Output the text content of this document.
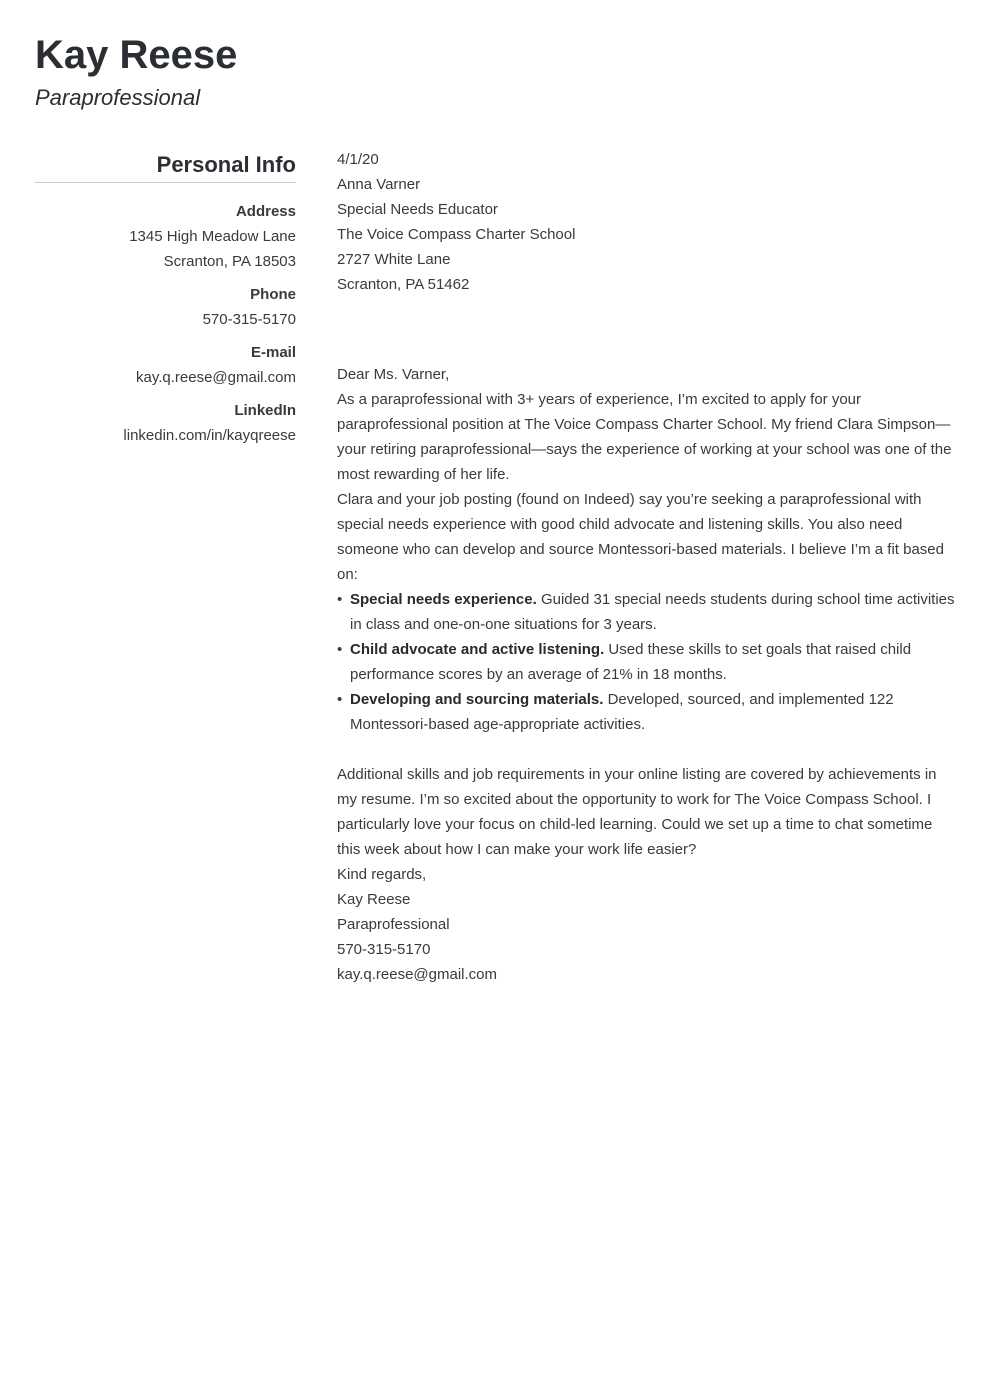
Kay Reese
Paraprofessional
Personal Info
Address
1345 High Meadow Lane
Scranton, PA 18503
Phone
570-315-5170
E-mail
kay.q.reese@gmail.com
LinkedIn
linkedin.com/in/kayqreese

4/1/20

Anna Varner

Special Needs Educator

The Voice Compass Charter School

2727 White Lane

Scranton, PA 51462

Dear Ms. Varner,

As a paraprofessional with 3+ years of experience, I’m excited to apply for your paraprofessional position at The Voice Compass Charter School. My friend Clara Simpson—your retiring paraprofessional—says the experience of working at your school was one of the most rewarding of her life.

Clara and your job posting (found on Indeed) say you’re seeking a paraprofessional with special needs experience with good child advocate and listening skills. You also need someone who can develop and source Montessori-based materials. I believe I’m a fit based on:

• Special needs experience. Guided 31 special needs students during school time activities in class and one-on-one situations for 3 years.
• Child advocate and active listening. Used these skills to set goals that raised child performance scores by an average of 21% in 18 months.
• Developing and sourcing materials. Developed, sourced, and implemented 122 Montessori-based age-appropriate activities.

Additional skills and job requirements in your online listing are covered by achievements in my resume. I’m so excited about the opportunity to work for The Voice Compass School. I particularly love your focus on child-led learning. Could we set up a time to chat sometime this week about how I can make your work life easier?

Kind regards,

Kay Reese

Paraprofessional

570-315-5170

kay.q.reese@gmail.com
